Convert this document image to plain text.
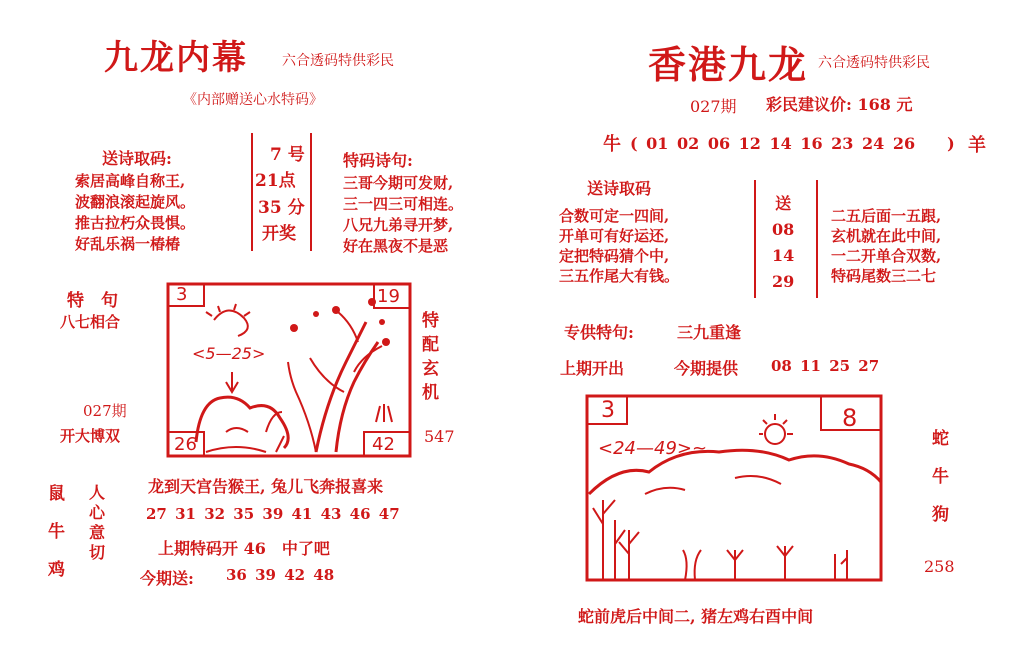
九龙内幕 六合透码特供彩民
《内部赠送心水特码》
送诗取码:
索居高峰自称王,
波翻浪滚起旋风。
推古拉朽众畏惧。
好乱乐祸一椿椿
7 号
21点
35 分
开奖
特码诗句:
三哥今期可发财,
三一四三可相连。
八兄九弟寻开梦,
好在黑夜不是恶
特　句
八七相合
027期
开大博双
特
配
玄
机
547
3	19
26	42
<5—25>
鼠
牛
鸡
人
心
意
切
龙到天宫告猴王, 兔儿飞奔报喜来
27 31 32 35 39 41 43 46 47
上期特码开 46　中了吧
今期送: 36 39 42 48
香港九龙 六合透码特供彩民
027期 彩民建议价: 168 元
牛 ( 01 02 06 12 14 16 23 24 26　　) 羊
送诗取码
合数可定一四间,
开单可有好运还,
定把特码猜个中,
三五作尾大有钱。
送
08
14
29
二五后面一五跟,
玄机就在此中间,
一二开单合双数,
特码尾数三二七
专供特句:	三九重逢
上期开出	今期提供 08 11 25 27
3	8
<24—49>~	蛇
牛
狗
258
蛇前虎后中间二, 猪左鸡右酉中间
